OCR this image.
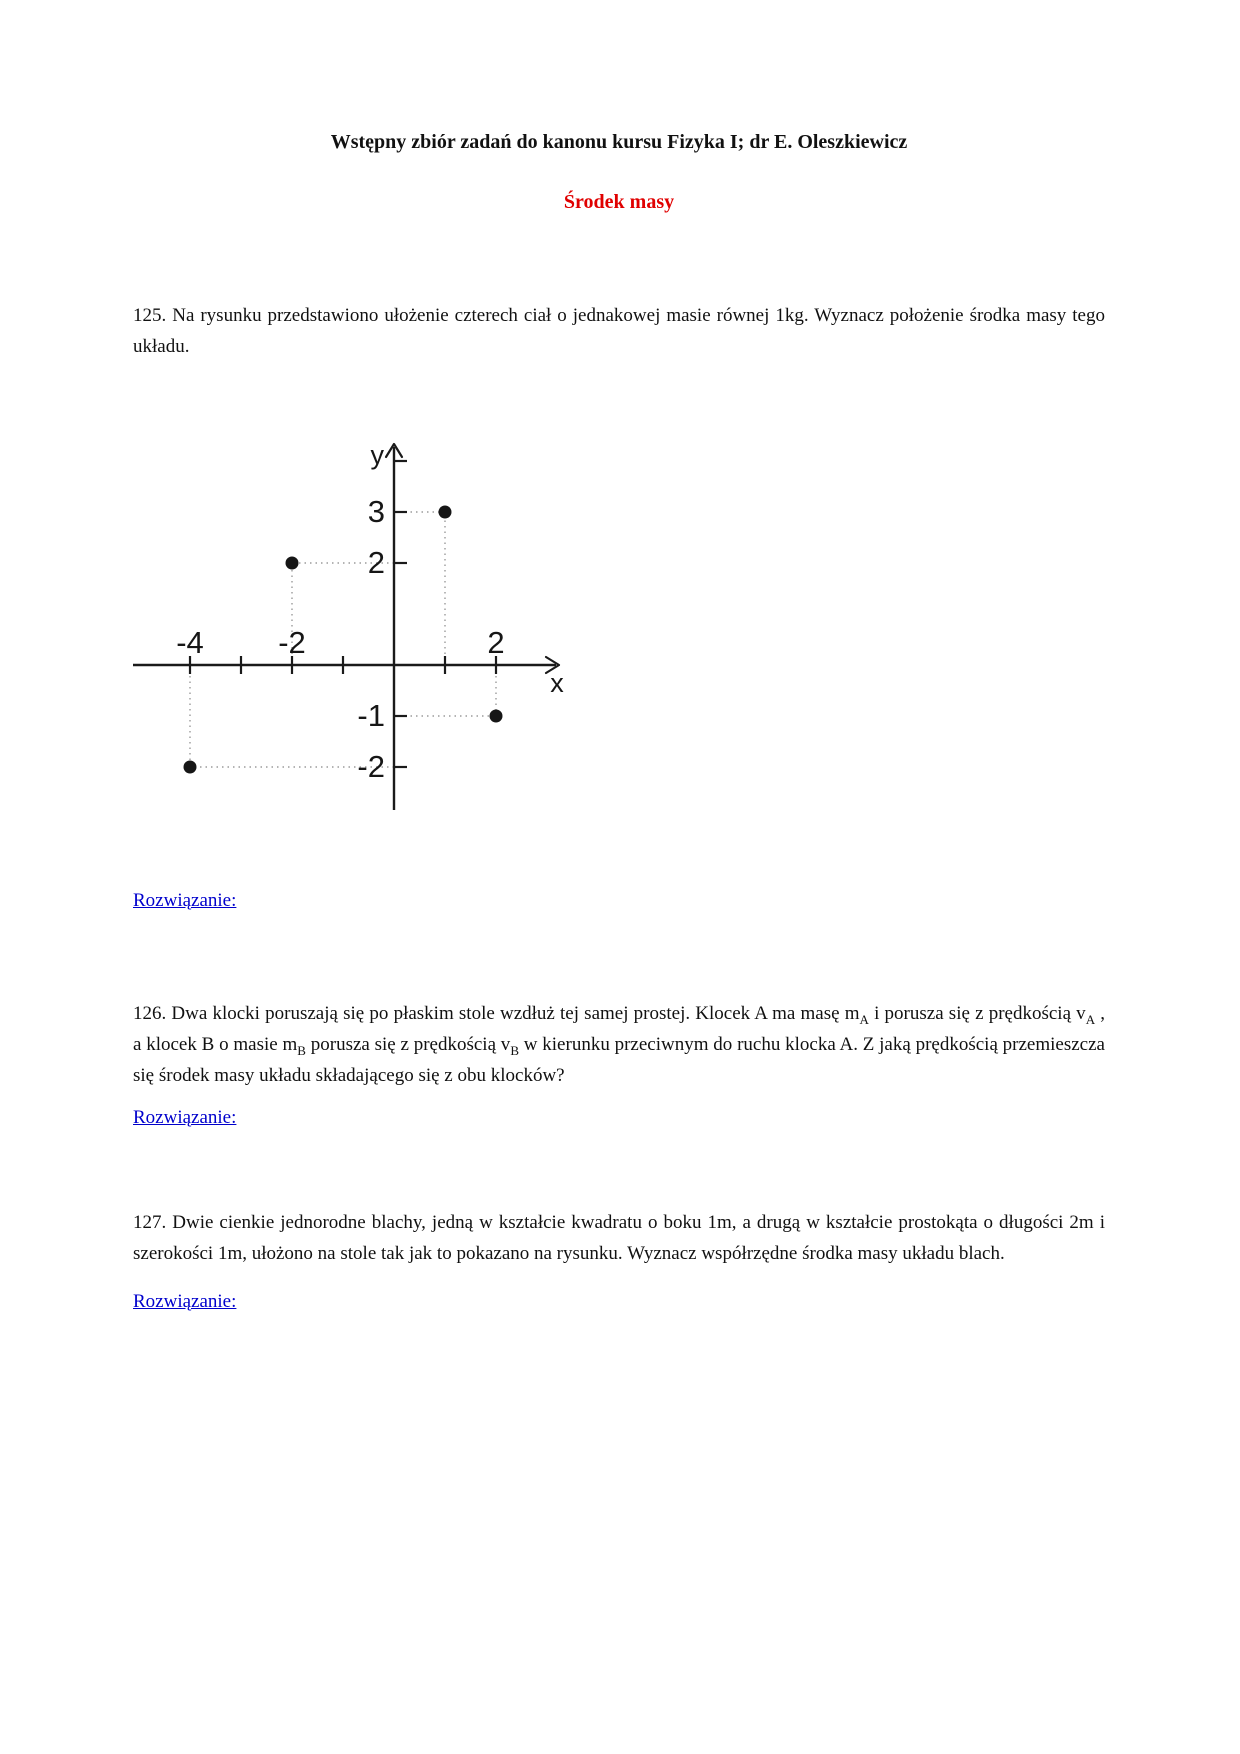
Wstępny zbiór zadań do kanonu kursu Fizyka I; dr E. Oleszkiewicz
Środek masy

125. Na rysunku przedstawiono ułożenie czterech ciał o jednakowej masie równej 1kg. Wyznacz położenie środka masy tego układu.

-4 -2	2
3
2
-1
-2
x
y

Rozwiązanie:

126. Dwa klocki poruszają się po płaskim stole wzdłuż tej samej prostej. Klocek A ma masę $m_A$ i porusza się z prędkością $v_A$ , a klocek B o masie $m_B$ porusza się z prędkością $v_B$ w kierunku przeciwnym do ruchu klocka A. Z jaką prędkością przemieszcza się środek masy układu składającego się z obu klocków?

Rozwiązanie:

127. Dwie cienkie jednorodne blachy, jedną w kształcie kwadratu o boku 1m, a drugą w kształcie prostokąta o długości 2m i szerokości 1m, ułożono na stole tak jak to pokazano na rysunku. Wyznacz współrzędne środka masy układu blach.

Rozwiązanie:
